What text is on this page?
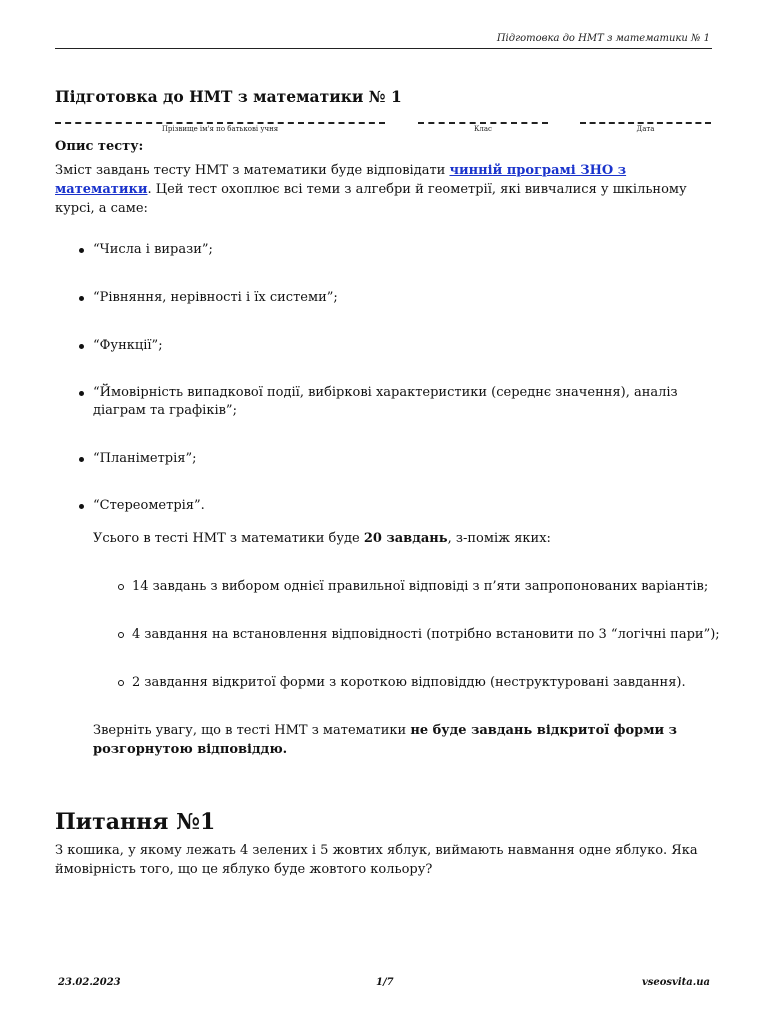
Підготовка до НМТ з математики № 1
Підготовка до НМТ з математики № 1
Прізвище ім'я по батькові учня	Клас	Дата
Опис тесту:

Зміст завдань тесту НМТ з математики буде відповідати чинній програмі ЗНО з математики. Цей тест охоплює всі теми з алгебри й геометрії, які вивчалися у шкільному курсі, а саме:

“Числа і вирази”;
“Рівняння, нерівності і їх системи”;
“Функції”;
“Ймовірність випадкової події, вибіркові характеристики (середнє значення), аналіз діаграм та графіків”;
“Планіметрія”;
“Стереометрія”.

Усього в тесті НМТ з математики буде 20 завдань, з-поміж яких:

14 завдань з вибором однієї правильної відповіді з п’яти запропонованих варіантів;
4 завдання на встановлення відповідності (потрібно встановити по 3 “логічні пари”);
2 завдання відкритої форми з короткою відповіддю (неструктуровані завдання).

Зверніть увагу, що в тесті НМТ з математики не буде завдань відкритої форми з розгорнутою відповіддю.

Питання №1

З кошика, у якому лежать 4 зелених і 5 жовтих яблук, виймають навмання одне яблуко. Яка ймовірність того, що це яблуко буде жовтого кольору?

23.02.2023	1/7	vseosvita.ua
